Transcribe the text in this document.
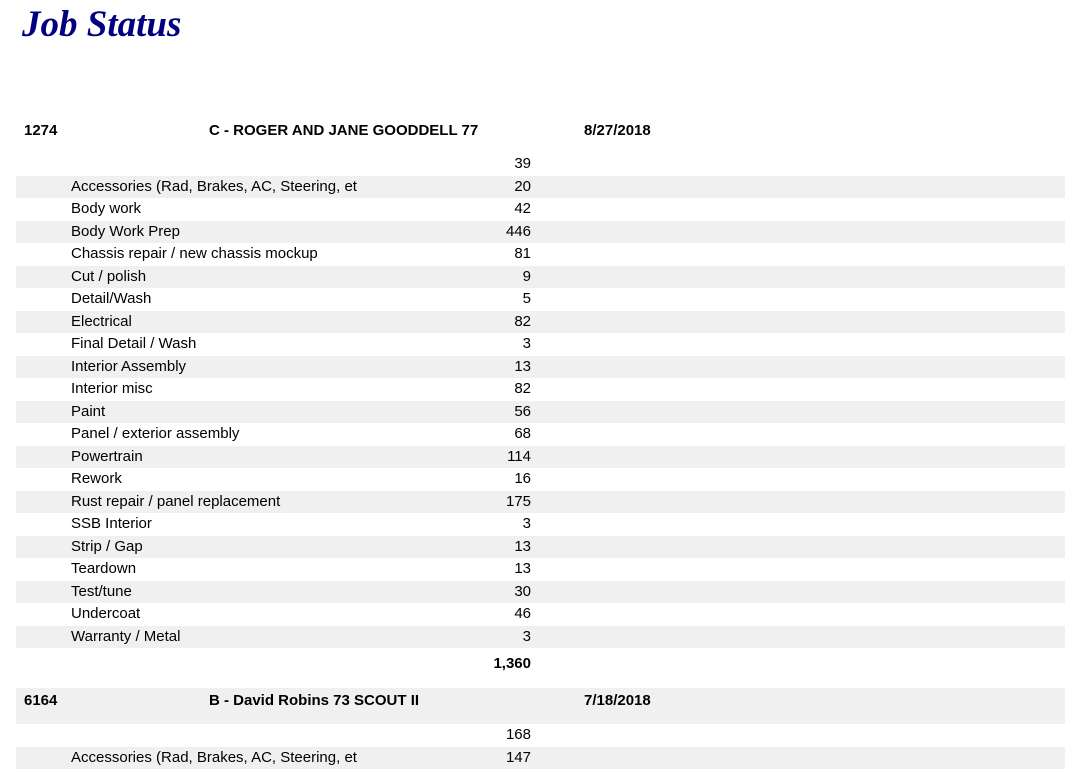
Job Status
1274	C - ROGER AND JANE GOODDELL 77	8/27/2018
39
Accessories (Rad, Brakes, AC, Steering, et	20
Body work	42
Body Work Prep	446
Chassis repair / new chassis mockup	81
Cut / polish	9
Detail/Wash	5
Electrical	82
Final Detail / Wash	3
Interior Assembly	13
Interior misc	82
Paint	56
Panel / exterior assembly	68
Powertrain	114
Rework	16
Rust repair / panel replacement	175
SSB Interior	3
Strip / Gap	13
Teardown	13
Test/tune	30
Undercoat	46
Warranty / Metal	3
1,360
6164	B - David Robins 73 SCOUT II	7/18/2018
168
Accessories (Rad, Brakes, AC, Steering, et	147
